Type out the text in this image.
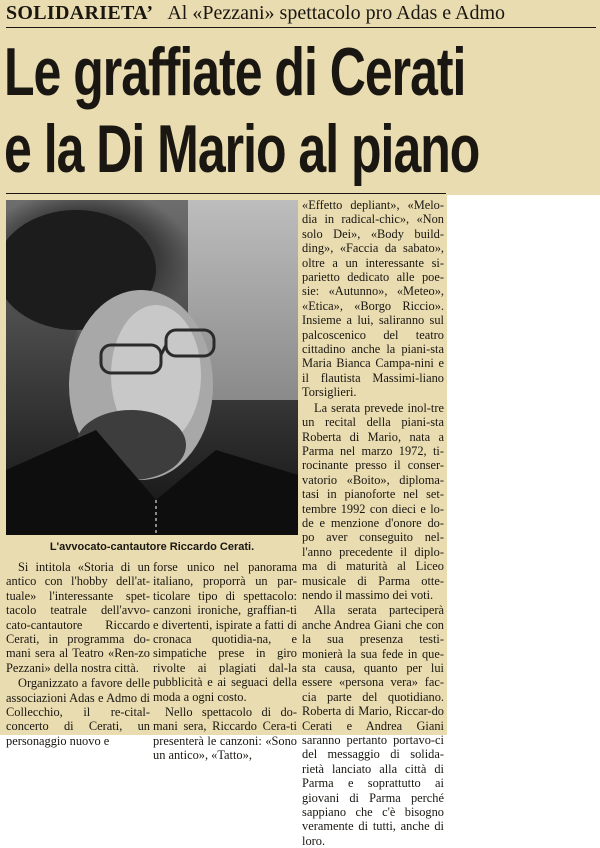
SOLIDARIETA’ Al «Pezzani» spettacolo pro Adas e Admo
Le graffiate di Cerati
e la Di Mario al piano
L'avvocato-cantautore Riccardo Cerati.

Si intitola «Storia di un antico con l'hobby dell'at-tuale» l'interessante spet-tacolo teatrale dell'avvo-cato-cantautore Riccardo Cerati, in programma do-mani sera al Teatro «Ren-zo Pezzani» della nostra città.

Organizzato a favore delle associazioni Adas e Admo di Collecchio, il re-cital-concerto di Cerati, un personaggio nuovo e

forse unico nel panorama italiano, proporrà un par-ticolare tipo di spettacolo: canzoni ironiche, graffian-ti e divertenti, ispirate a fatti di cronaca quotidia-na, e simpatiche prese in giro rivolte ai plagiati dal-la pubblicità e ai seguaci della moda a ogni costo.

Nello spettacolo di do-mani sera, Riccardo Cera-ti presenterà le canzoni: «Sono un antico», «Tatto»,

«Effetto depliant», «Melo-dia in radical-chic», «Non solo Dei», «Body build-ding», «Faccia da sabato», oltre a un interessante si-parietto dedicato alle poe-sie: «Autunno», «Meteo», «Etica», «Borgo Riccio». Insieme a lui, saliranno sul palcoscenico del teatro cittadino anche la piani-sta Maria Bianca Campa-nini e il flautista Massimi-liano Torsiglieri.

La serata prevede inol-tre un recital della piani-sta Roberta di Mario, nata a Parma nel marzo 1972, ti-rocinante presso il conser-vatorio «Boito», diploma-tasi in pianoforte nel set-tembre 1992 con dieci e lo-de e menzione d'onore do-po aver conseguito nel-l'anno precedente il diplo-ma di maturità al Liceo musicale di Parma otte-nendo il massimo dei voti.

Alla serata parteciperà anche Andrea Giani che con la sua presenza testi-monierà la sua fede in que-sta causa, quanto per lui essere «persona vera» fac-cia parte del quotidiano. Roberta di Mario, Riccar-do Cerati e Andrea Giani saranno pertanto portavo-ci del messaggio di solida-rietà lanciato alla città di Parma e soprattutto ai giovani di Parma perché sappiano che c'è bisogno veramente di tutti, anche di loro.
